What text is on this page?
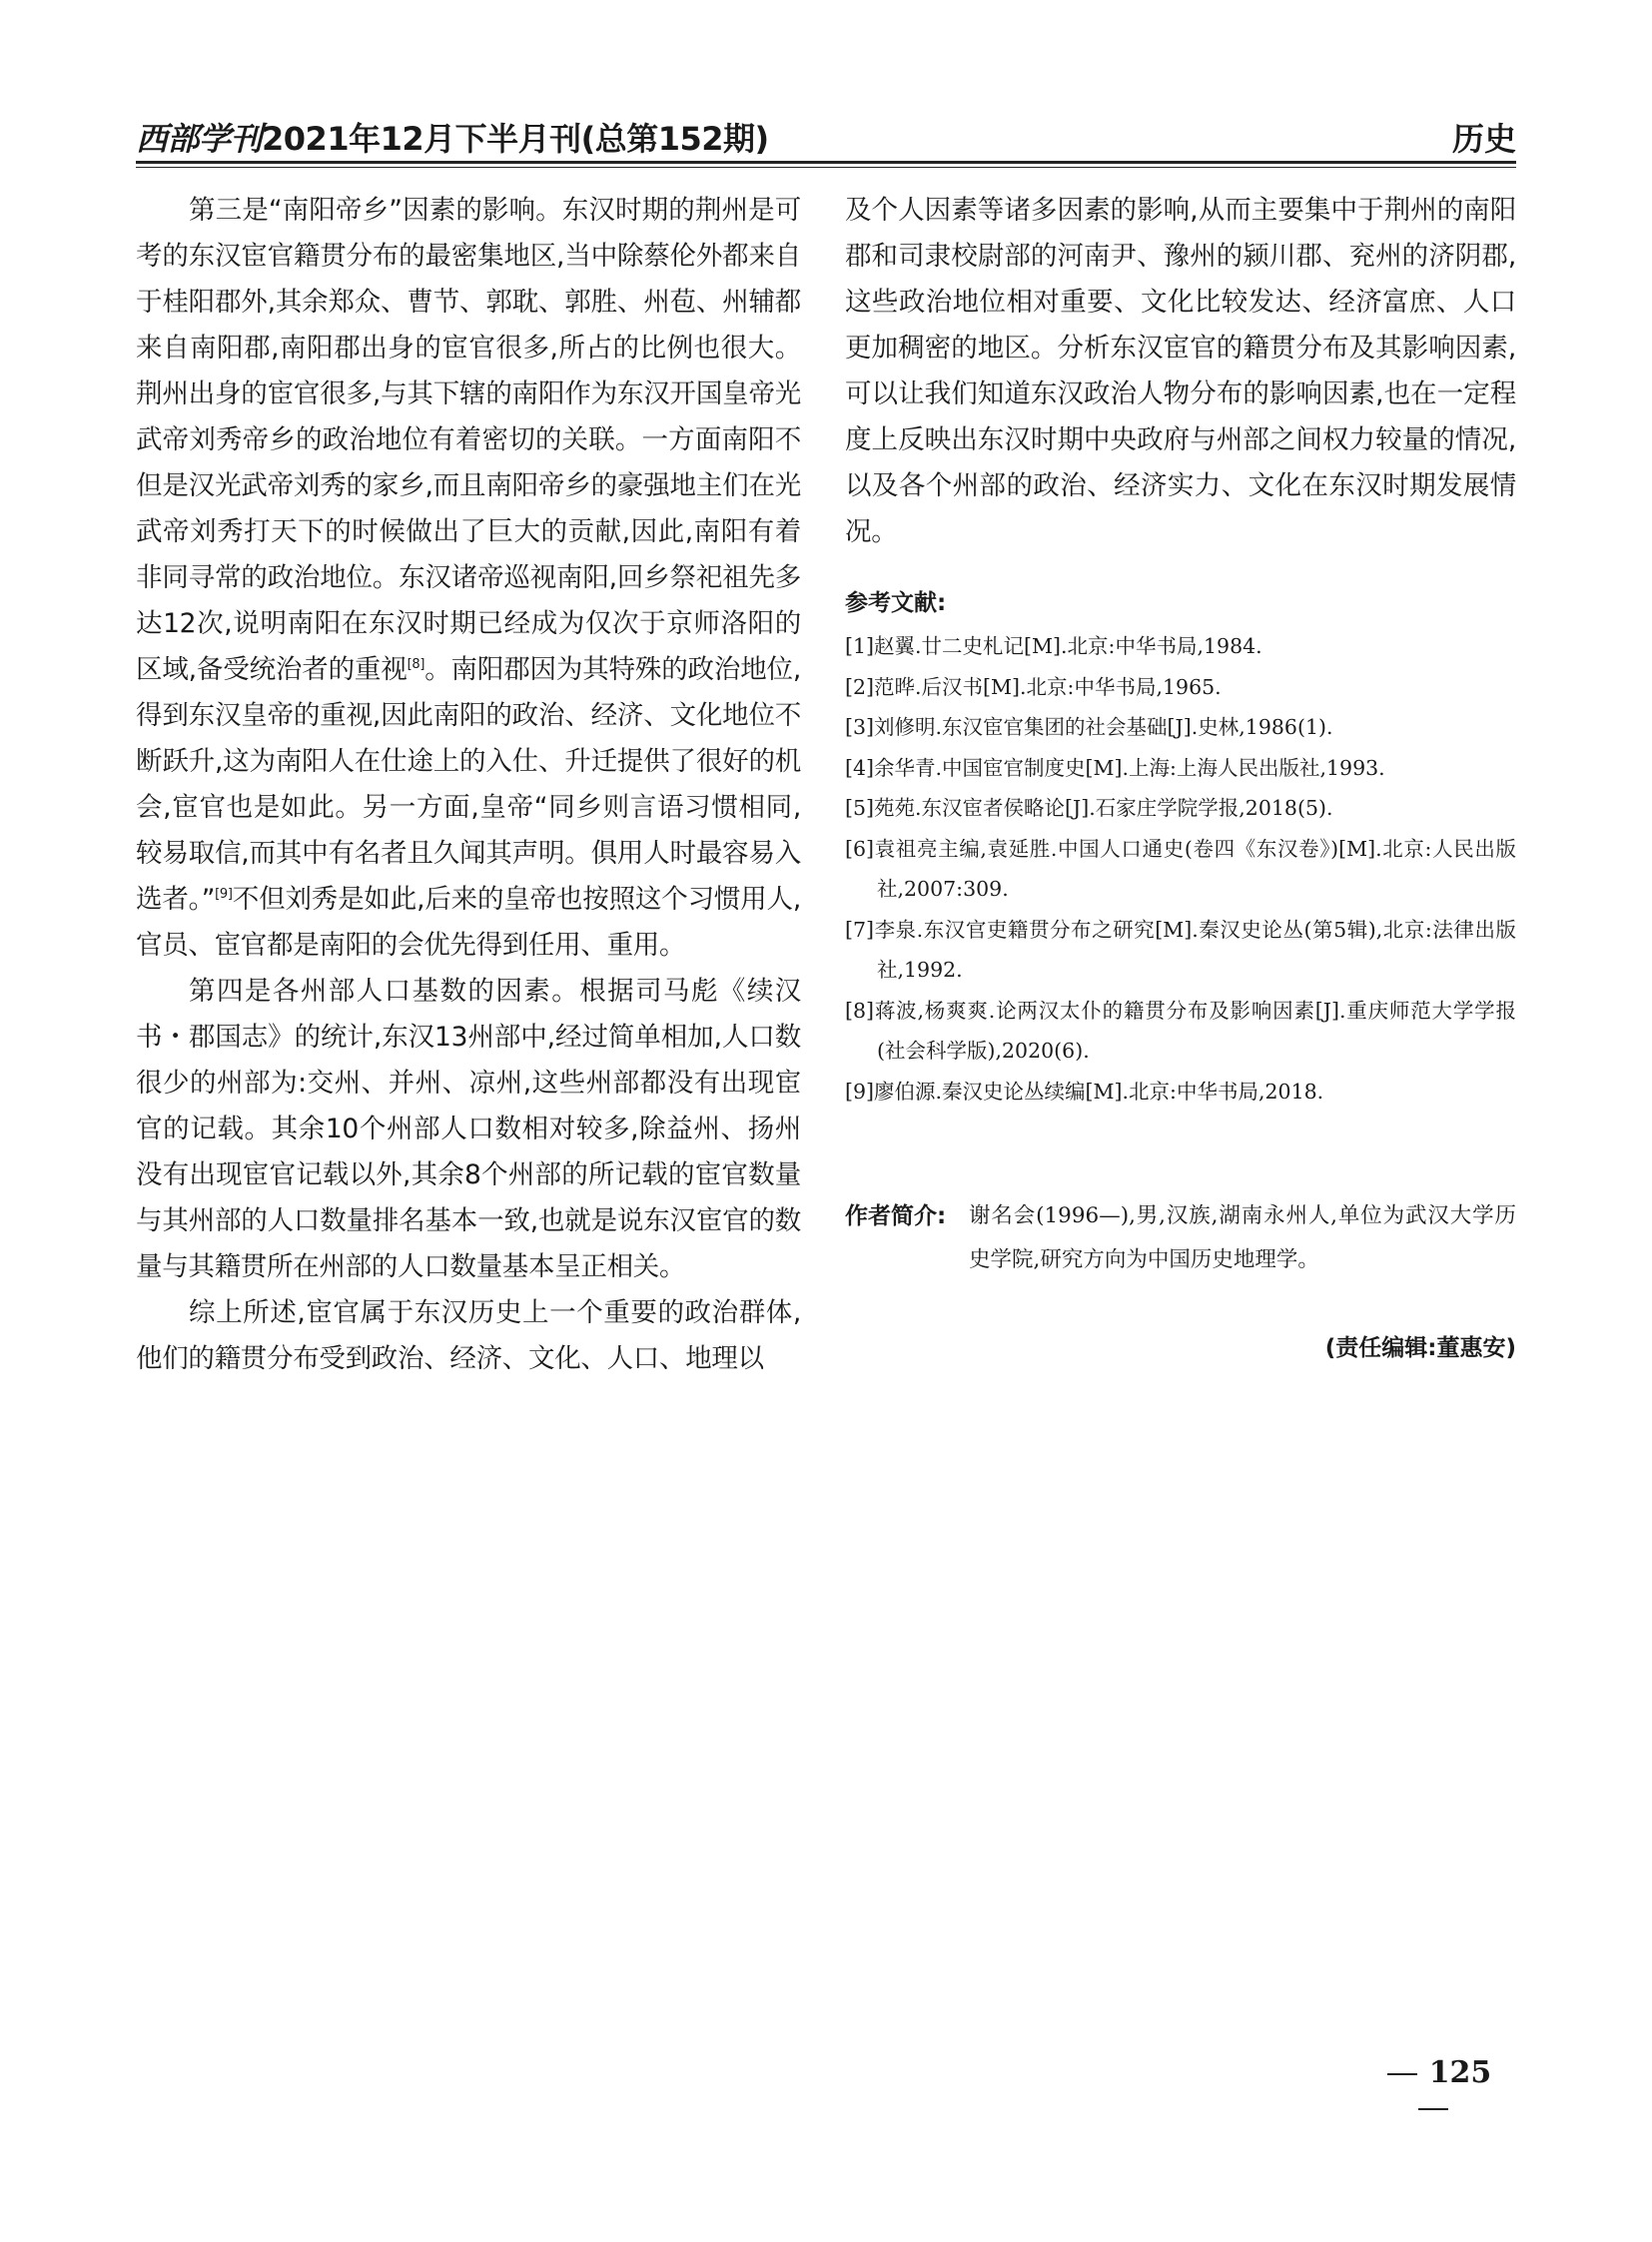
西部学刊2021年12月下半月刊(总第152期)	历史

第三是“南阳帝乡”因素的影响。东汉时期的荆州是可考的东汉宦官籍贯分布的最密集地区,当中除蔡伦外都来自于桂阳郡外,其余郑众、曹节、郭耽、郭胜、州苞、州辅都来自南阳郡,南阳郡出身的宦官很多,所占的比例也很大。荆州出身的宦官很多,与其下辖的南阳作为东汉开国皇帝光武帝刘秀帝乡的政治地位有着密切的关联。一方面南阳不但是汉光武帝刘秀的家乡,而且南阳帝乡的豪强地主们在光武帝刘秀打天下的时候做出了巨大的贡献,因此,南阳有着非同寻常的政治地位。东汉诸帝巡视南阳,回乡祭祀祖先多达12次,说明南阳在东汉时期已经成为仅次于京师洛阳的区域,备受统治者的重视[8]。南阳郡因为其特殊的政治地位,得到东汉皇帝的重视,因此南阳的政治、经济、文化地位不断跃升,这为南阳人在仕途上的入仕、升迁提供了很好的机会,宦官也是如此。另一方面,皇帝“同乡则言语习惯相同,较易取信,而其中有名者且久闻其声明。俱用人时最容易入选者。”[9]不但刘秀是如此,后来的皇帝也按照这个习惯用人,官员、宦官都是南阳的会优先得到任用、重用。

第四是各州部人口基数的因素。根据司马彪《续汉书・郡国志》的统计,东汉13州部中,经过简单相加,人口数很少的州部为:交州、并州、凉州,这些州部都没有出现宦官的记载。其余10个州部人口数相对较多,除益州、扬州没有出现宦官记载以外,其余8个州部的所记载的宦官数量与其州部的人口数量排名基本一致,也就是说东汉宦官的数量与其籍贯所在州部的人口数量基本呈正相关。

综上所述,宦官属于东汉历史上一个重要的政治群体,他们的籍贯分布受到政治、经济、文化、人口、地理以

及个人因素等诸多因素的影响,从而主要集中于荆州的南阳郡和司隶校尉部的河南尹、豫州的颍川郡、兖州的济阴郡,这些政治地位相对重要、文化比较发达、经济富庶、人口更加稠密的地区。分析东汉宦官的籍贯分布及其影响因素,可以让我们知道东汉政治人物分布的影响因素,也在一定程度上反映出东汉时期中央政府与州部之间权力较量的情况,以及各个州部的政治、经济实力、文化在东汉时期发展情况。

参考文献:
[1]赵翼.廿二史札记[M].北京:中华书局,1984.
[2]范晔.后汉书[M].北京:中华书局,1965.
[3]刘修明.东汉宦官集团的社会基础[J].史林,1986(1).
[4]余华青.中国宦官制度史[M].上海:上海人民出版社,1993.
[5]苑苑.东汉宦者侯略论[J].石家庄学院学报,2018(5).
[6]袁祖亮主编,袁延胜.中国人口通史(卷四《东汉卷》)[M].北京:人民出版社,2007:309.
[7]李泉.东汉官吏籍贯分布之研究[M].秦汉史论丛(第5辑),北京:法律出版社,1992.
[8]蒋波,杨爽爽.论两汉太仆的籍贯分布及影响因素[J].重庆师范大学学报(社会科学版),2020(6).
[9]廖伯源.秦汉史论丛续编[M].北京:中华书局,2018.
作者简介: 谢名会(1996—),男,汉族,湖南永州人,单位为武汉大学历史学院,研究方向为中国历史地理学。
(责任编辑:董惠安)
125
